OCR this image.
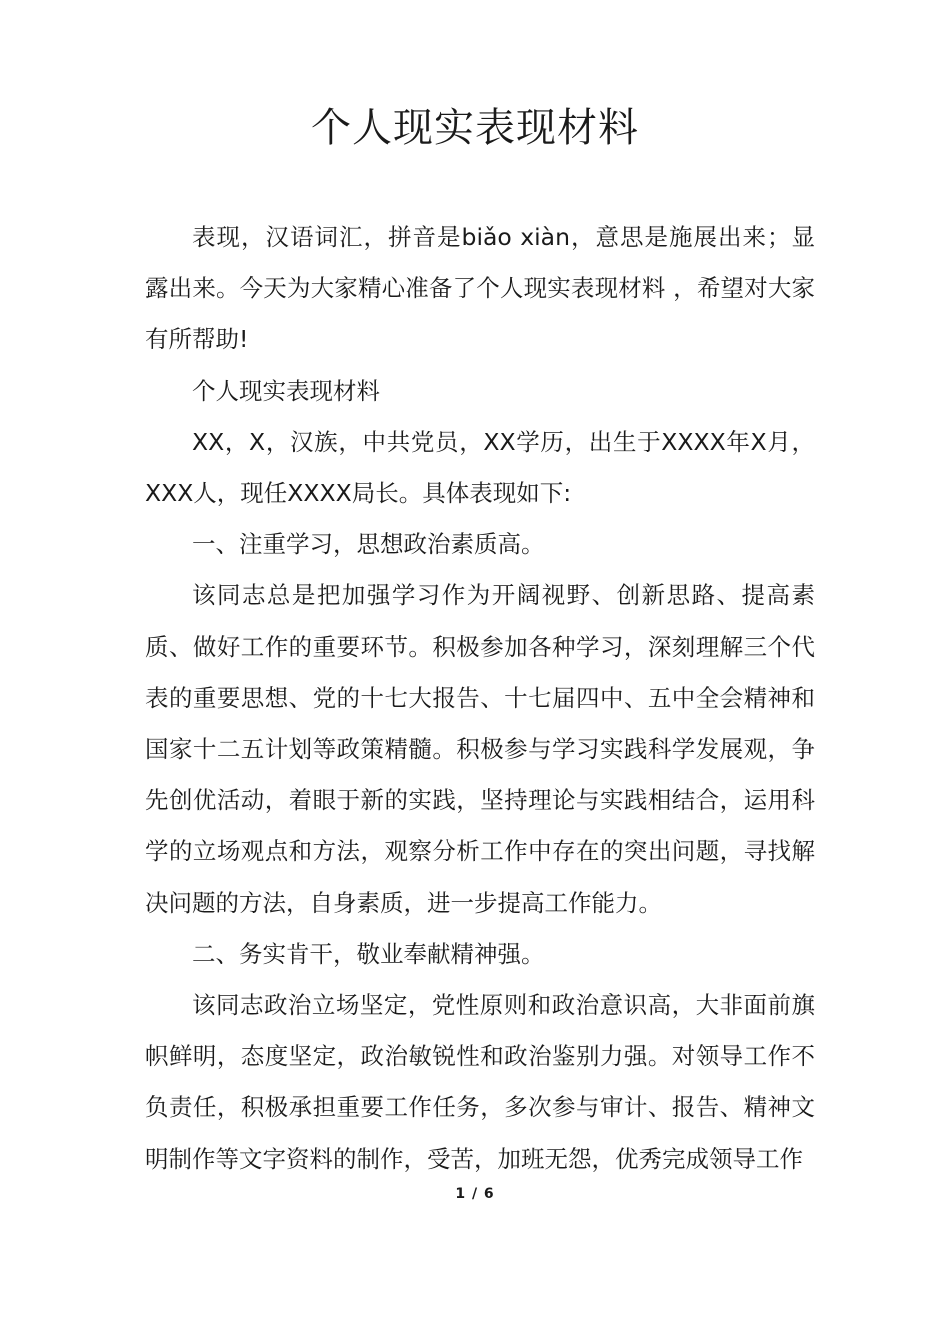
个人现实表现材料

表现，汉语词汇，拼音是biǎo xiàn，意思是施展出来；显露出来。今天为大家精心准备了个人现实表现材料 ，希望对大家有所帮助!

个人现实表现材料

XX，X，汉族，中共党员，XX学历，出生于XXXX年X月，XXX人，现任XXXX局长。具体表现如下:

一、注重学习，思想政治素质高。

该同志总是把加强学习作为开阔视野、创新思路、提高素质、做好工作的重要环节。积极参加各种学习，深刻理解三个代表的重要思想、党的十七大报告、十七届四中、五中全会精神和国家十二五计划等政策精髓。积极参与学习实践科学发展观，争先创优活动，着眼于新的实践，坚持理论与实践相结合，运用科学的立场观点和方法，观察分析工作中存在的突出问题，寻找解决问题的方法，自身素质，进一步提高工作能力。

二、务实肯干，敬业奉献精神强。

该同志政治立场坚定，党性原则和政治意识高，大非面前旗帜鲜明，态度坚定，政治敏锐性和政治鉴别力强。对领导工作不负责任，积极承担重要工作任务，多次参与审计、报告、精神文明制作等文字资料的制作，受苦，加班无怨，优秀完成领导工作

1 / 6
